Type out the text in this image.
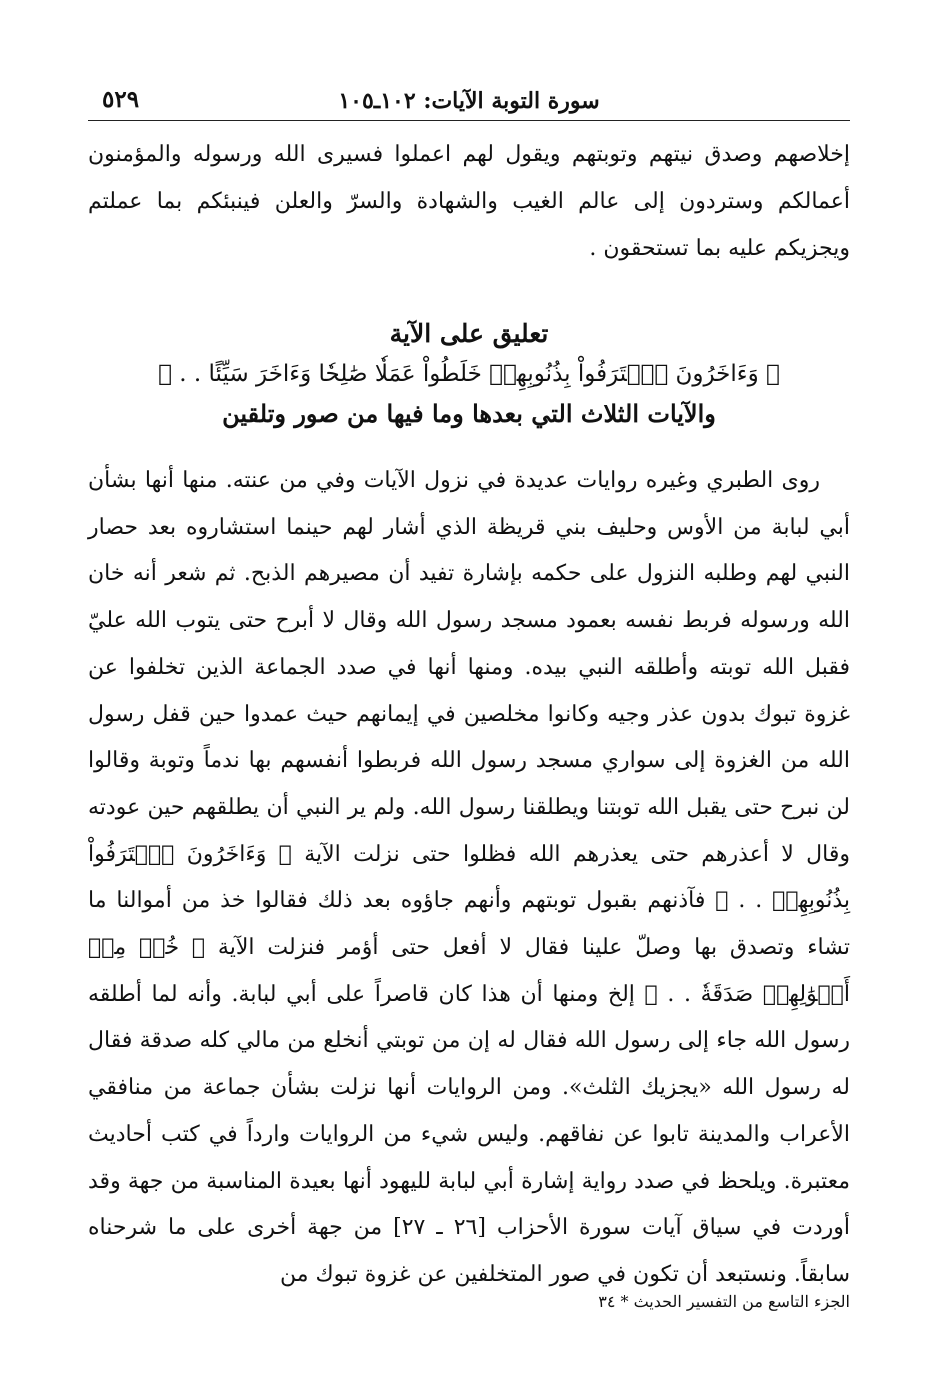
سورة التوبة الآيات: ١٠٢ـ١٠٥
٥٢٩
إخلاصهم وصدق نيتهم وتوبتهم ويقول لهم اعملوا فسيرى الله ورسوله والمؤمنون أعمالكم وستردون إلى عالم الغيب والشهادة والسرّ والعلن فينبئكم بما عملتم ويجزيكم عليه بما تستحقون .
تعليق على الآية
﴿ وَءَاخَرُونَ ٱعۡتَرَفُواْ بِذُنُوبِهِمۡ خَلَطُواْ عَمَلٗا صَٰلِحٗا وَءَاخَرَ سَيِّئًا . . ﴾
والآيات الثلاث التي بعدها وما فيها من صور وتلقين

روى الطبري وغيره روايات عديدة في نزول الآيات وفي من عنته. منها أنها بشأن أبي لبابة من الأوس وحليف بني قريظة الذي أشار لهم حينما استشاروه بعد حصار النبي لهم وطلبه النزول على حكمه بإشارة تفيد أن مصيرهم الذبح. ثم شعر أنه خان الله ورسوله فربط نفسه بعمود مسجد رسول الله وقال لا أبرح حتى يتوب الله عليّ فقبل الله توبته وأطلقه النبي بيده. ومنها أنها في صدد الجماعة الذين تخلفوا عن غزوة تبوك بدون عذر وجيه وكانوا مخلصين في إيمانهم حيث عمدوا حين قفل رسول الله من الغزوة إلى سواري مسجد رسول الله فربطوا أنفسهم بها ندماً وتوبة وقالوا لن نبرح حتى يقبل الله توبتنا ويطلقنا رسول الله. ولم ير النبي أن يطلقهم حين عودته وقال لا أعذرهم حتى يعذرهم الله فظلوا حتى نزلت الآية ﴿ وَءَاخَرُونَ ٱعۡتَرَفُواْ بِذُنُوبِهِمۡ . . ﴾ فآذنهم بقبول توبتهم وأنهم جاؤوه بعد ذلك فقالوا خذ من أموالنا ما تشاء وتصدق بها وصلّ علينا فقال لا أفعل حتى أؤمر فنزلت الآية ﴿ خُذۡ مِنۡ أَمۡوَٰلِهِمۡ صَدَقَةٗ . . ﴾ إلخ ومنها أن هذا كان قاصراً على أبي لبابة. وأنه لما أطلقه رسول الله جاء إلى رسول الله فقال له إن من توبتي أنخلع من مالي كله صدقة فقال له رسول الله «يجزيك الثلث». ومن الروايات أنها نزلت بشأن جماعة من منافقي الأعراب والمدينة تابوا عن نفاقهم. وليس شيء من الروايات وارداً في كتب أحاديث معتبرة. ويلحظ في صدد رواية إشارة أبي لبابة لليهود أنها بعيدة المناسبة من جهة وقد أوردت في سياق آيات سورة الأحزاب [٢٦ ـ ٢٧] من جهة أخرى على ما شرحناه سابقاً. ونستبعد أن تكون في صور المتخلفين عن غزوة تبوك من

الجزء التاسع من التفسير الحديث * ٣٤
